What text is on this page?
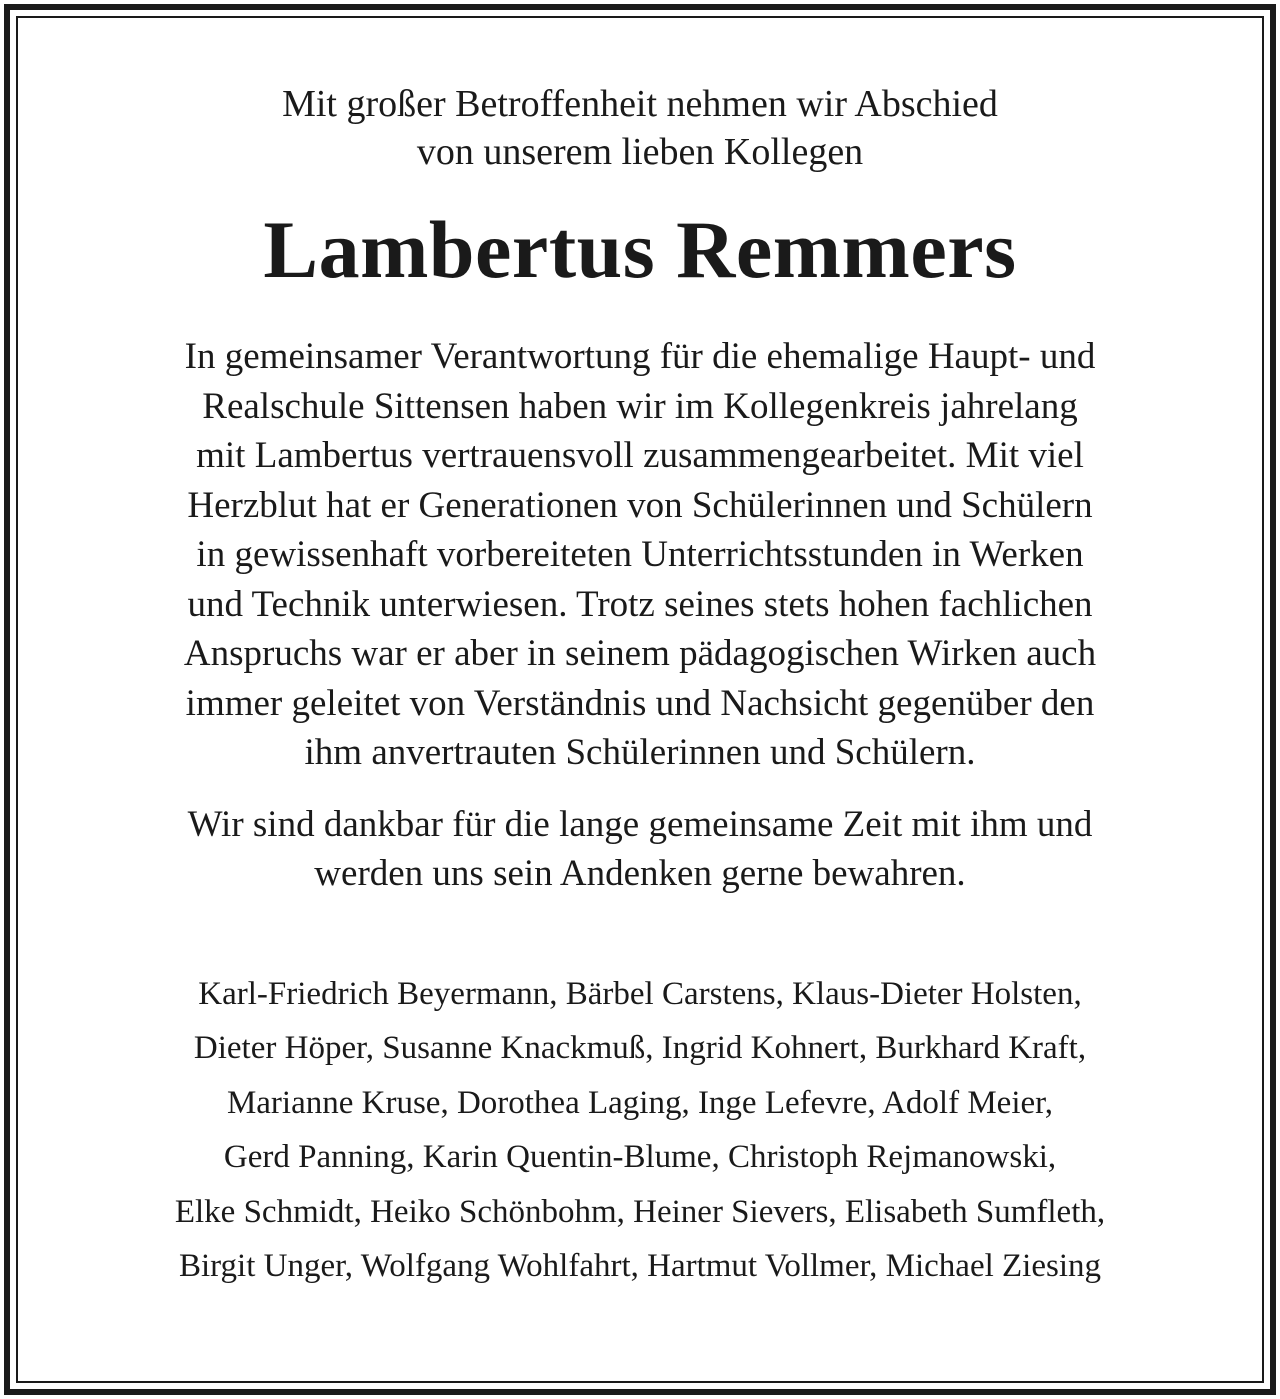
Mit großer Betroffenheit nehmen wir Abschied
von unserem lieben Kollegen

Lambertus Remmers

In gemeinsamer Verantwortung für die ehemalige Haupt- und
Realschule Sittensen haben wir im Kollegenkreis jahrelang
mit Lambertus vertrauensvoll zusammengearbeitet. Mit viel
Herzblut hat er Generationen von Schülerinnen und Schülern
in gewissenhaft vorbereiteten Unterrichtsstunden in Werken
und Technik unterwiesen. Trotz seines stets hohen fachlichen
Anspruchs war er aber in seinem pädagogischen Wirken auch
immer geleitet von Verständnis und Nachsicht gegenüber den
ihm anvertrauten Schülerinnen und Schülern.

Wir sind dankbar für die lange gemeinsame Zeit mit ihm und
werden uns sein Andenken gerne bewahren.

Karl-Friedrich Beyermann, Bärbel Carstens, Klaus-Dieter Holsten,
Dieter Höper, Susanne Knackmuß, Ingrid Kohnert, Burkhard Kraft,
Marianne Kruse, Dorothea Laging, Inge Lefevre, Adolf Meier,
Gerd Panning, Karin Quentin-Blume, Christoph Rejmanowski,
Elke Schmidt, Heiko Schönbohm, Heiner Sievers, Elisabeth Sumfleth,
Birgit Unger, Wolfgang Wohlfahrt, Hartmut Vollmer, Michael Ziesing
